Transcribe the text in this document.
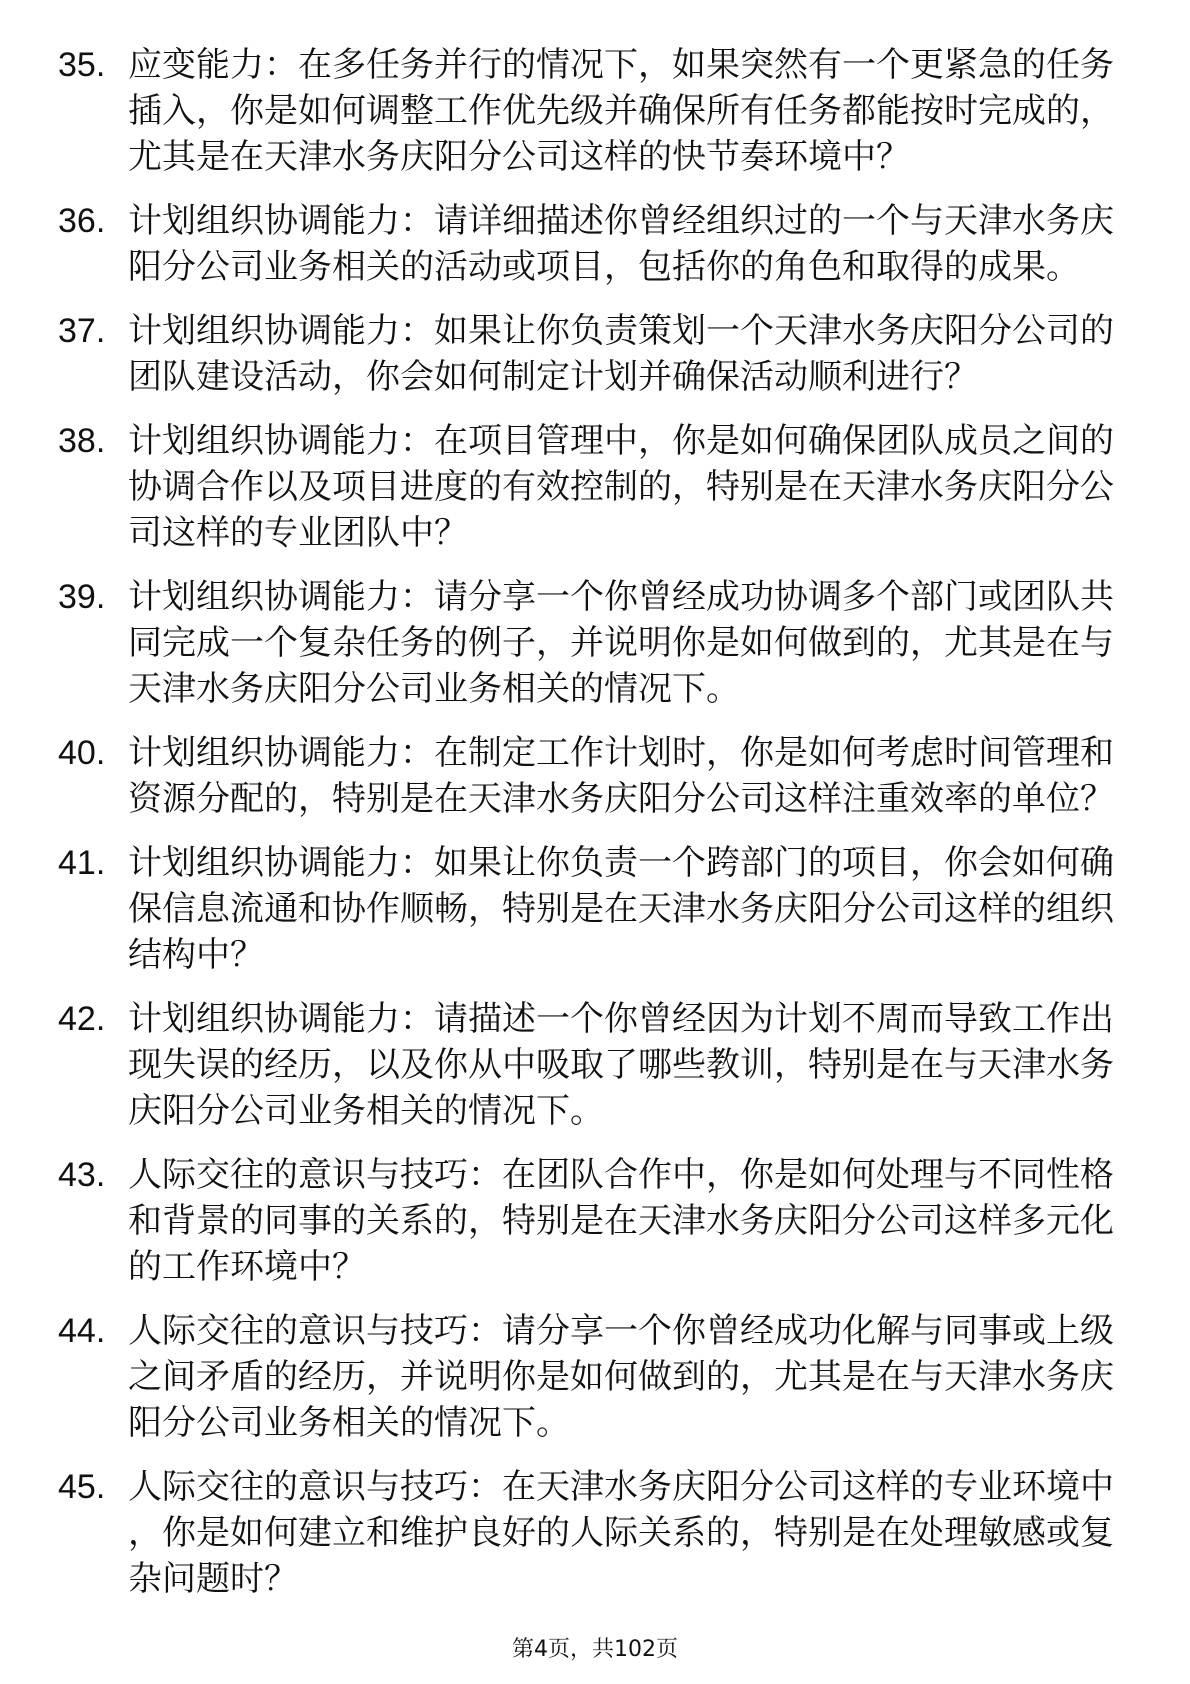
35. 应变能力：在多任务并行的情况下，如果突然有一个更紧急的任务插入，你是如何调整工作优先级并确保所有任务都能按时完成的，尤其是在天津水务庆阳分公司这样的快节奏环境中？
36. 计划组织协调能力：请详细描述你曾经组织过的一个与天津水务庆阳分公司业务相关的活动或项目，包括你的角色和取得的成果。
37. 计划组织协调能力：如果让你负责策划一个天津水务庆阳分公司的团队建设活动，你会如何制定计划并确保活动顺利进行？
38. 计划组织协调能力：在项目管理中，你是如何确保团队成员之间的协调合作以及项目进度的有效控制的，特别是在天津水务庆阳分公司这样的专业团队中？
39. 计划组织协调能力：请分享一个你曾经成功协调多个部门或团队共同完成一个复杂任务的例子，并说明你是如何做到的，尤其是在与天津水务庆阳分公司业务相关的情况下。
40. 计划组织协调能力：在制定工作计划时，你是如何考虑时间管理和资源分配的，特别是在天津水务庆阳分公司这样注重效率的单位？
41. 计划组织协调能力：如果让你负责一个跨部门的项目，你会如何确保信息流通和协作顺畅，特别是在天津水务庆阳分公司这样的组织结构中？
42. 计划组织协调能力：请描述一个你曾经因为计划不周而导致工作出现失误的经历，以及你从中吸取了哪些教训，特别是在与天津水务庆阳分公司业务相关的情况下。
43. 人际交往的意识与技巧：在团队合作中，你是如何处理与不同性格和背景的同事的关系的，特别是在天津水务庆阳分公司这样多元化的工作环境中？
44. 人际交往的意识与技巧：请分享一个你曾经成功化解与同事或上级之间矛盾的经历，并说明你是如何做到的，尤其是在与天津水务庆阳分公司业务相关的情况下。
45. 人际交往的意识与技巧：在天津水务庆阳分公司这样的专业环境中，你是如何建立和维护良好的人际关系的，特别是在处理敏感或复杂问题时？
第4页，共102页
